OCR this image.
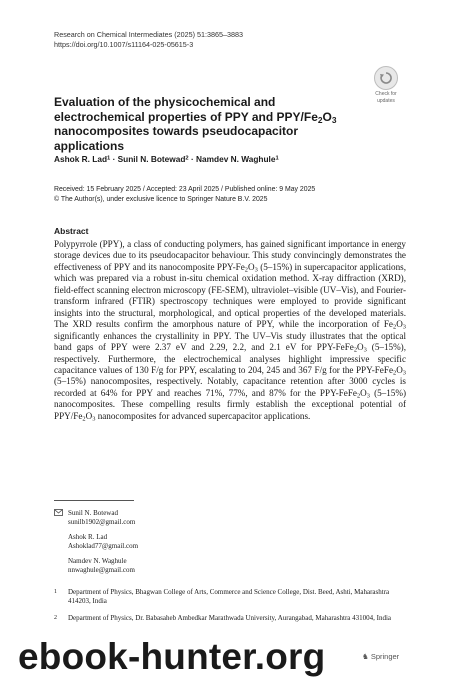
Research on Chemical Intermediates (2025) 51:3865–3883
https://doi.org/10.1007/s11164-025-05615-3
Check for
updates
Evaluation of the physicochemical and electrochemical properties of PPY and PPY/$Fe_2O_3$ nanocomposites towards pseudocapacitor applications
Ashok R. Lad$^1$ · Sunil N. Botewad$^2$ · Namdev N. Waghule$^1$
Received: 15 February 2025 / Accepted: 23 April 2025 / Published online: 9 May 2025
© The Author(s), under exclusive licence to Springer Nature B.V. 2025
Abstract

Polypyrrole (PPY), a class of conducting polymers, has gained significant importance in energy storage devices due to its pseudocapacitor behaviour. This study convincingly demonstrates the effectiveness of PPY and its nanocomposite PPY-$Fe_2O_3$ (5–15%) in supercapacitor applications, which was prepared via a robust in-situ chemical oxidation method. X-ray diffraction (XRD), field-effect scanning electron microscopy (FE-SEM), ultraviolet–visible (UV–Vis), and Fourier-transform infrared (FTIR) spectroscopy techniques were employed to provide significant insights into the structural, morphological, and optical properties of the developed materials. The XRD results confirm the amorphous nature of PPY, while the incorporation of $Fe_2O_3$ significantly enhances the crystallinity in PPY. The UV–Vis study illustrates that the optical band gaps of PPY were 2.37 eV and 2.29, 2.2, and 2.1 eV for PPY-$FeFe_2O_3$ (5–15%), respectively. Furthermore, the electrochemical analyses highlight impressive specific capacitance values of 130 F/g for PPY, escalating to 204, 245 and 367 F/g for the PPY-$FeFe_2O_3$ (5–15%) nanocomposites, respectively. Notably, capacitance retention after 3000 cycles is recorded at 64% for PPY and reaches 71%, 77%, and 87% for the PPY-$FeFe_2O_3$ (5–15%) nanocomposites. These compelling results firmly establish the exceptional potential of PPY/$Fe_2O_3$ nanocomposites for advanced supercapacitor applications.

Sunil N. Botewad
sunilb1902@gmail.com
Ashok R. Lad
Ashoklad77@gmail.com
Namdev N. Waghule
nnwaghule@gmail.com
1 Department of Physics, Bhagwan College of Arts, Commerce and Science College, Dist. Beed, Ashti, Maharashtra 414203, India
2 Department of Physics, Dr. Babasaheb Ambedkar Marathwada University, Aurangabad, Maharashtra 431004, India
♞ Springer
ebook-hunter.org
